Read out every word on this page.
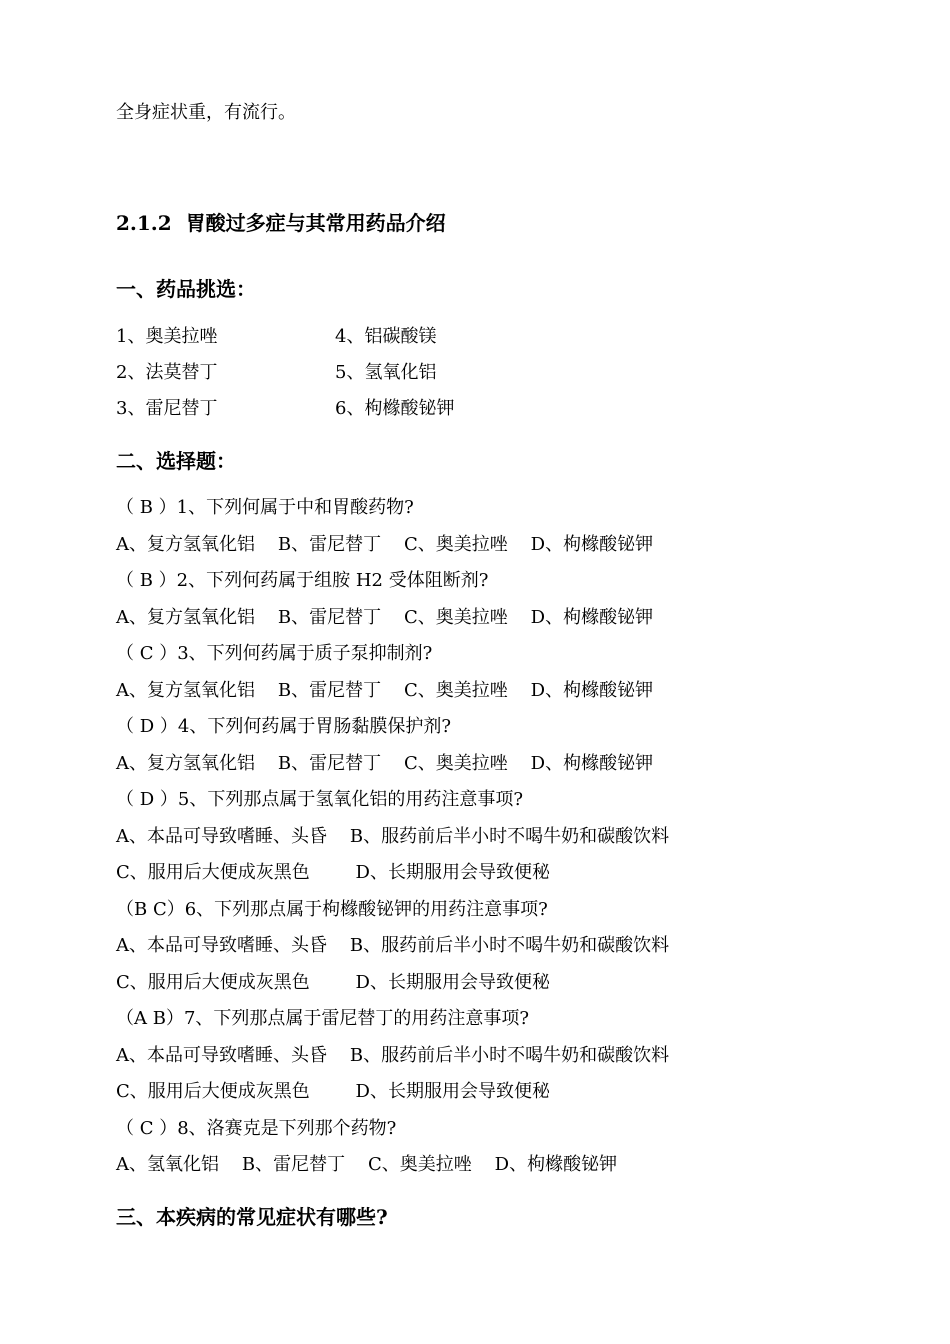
全身症状重，有流行。
2.1.2  胃酸过多症与其常用药品介绍
一、药品挑选：
1、奥美拉唑	4、铝碳酸镁
2、法莫替丁	5、氢氧化铝
3、雷尼替丁	6、枸橼酸铋钾
二、选择题：
（ B ）1、下列何属于中和胃酸药物?
A、复方氢氧化铝    B、雷尼替丁    C、奥美拉唑    D、枸橼酸铋钾
（ B ）2、下列何药属于组胺 H2 受体阻断剂?
A、复方氢氧化铝    B、雷尼替丁    C、奥美拉唑    D、枸橼酸铋钾
（ C ）3、下列何药属于质子泵抑制剂?
A、复方氢氧化铝    B、雷尼替丁    C、奥美拉唑    D、枸橼酸铋钾
（ D ）4、下列何药属于胃肠黏膜保护剂?
A、复方氢氧化铝    B、雷尼替丁    C、奥美拉唑    D、枸橼酸铋钾
（ D ）5、下列那点属于氢氧化铝的用药注意事项?
A、本品可导致嗜睡、头昏    B、服药前后半小时不喝牛奶和碳酸饮料
C、服用后大便成灰黑色        D、长期服用会导致便秘
（B C）6、下列那点属于枸橼酸铋钾的用药注意事项?
A、本品可导致嗜睡、头昏    B、服药前后半小时不喝牛奶和碳酸饮料
C、服用后大便成灰黑色        D、长期服用会导致便秘
（A B）7、下列那点属于雷尼替丁的用药注意事项?
A、本品可导致嗜睡、头昏    B、服药前后半小时不喝牛奶和碳酸饮料
C、服用后大便成灰黑色        D、长期服用会导致便秘
（ C ）8、洛赛克是下列那个药物?
A、氢氧化铝    B、雷尼替丁    C、奥美拉唑    D、枸橼酸铋钾
三、本疾病的常见症状有哪些?
